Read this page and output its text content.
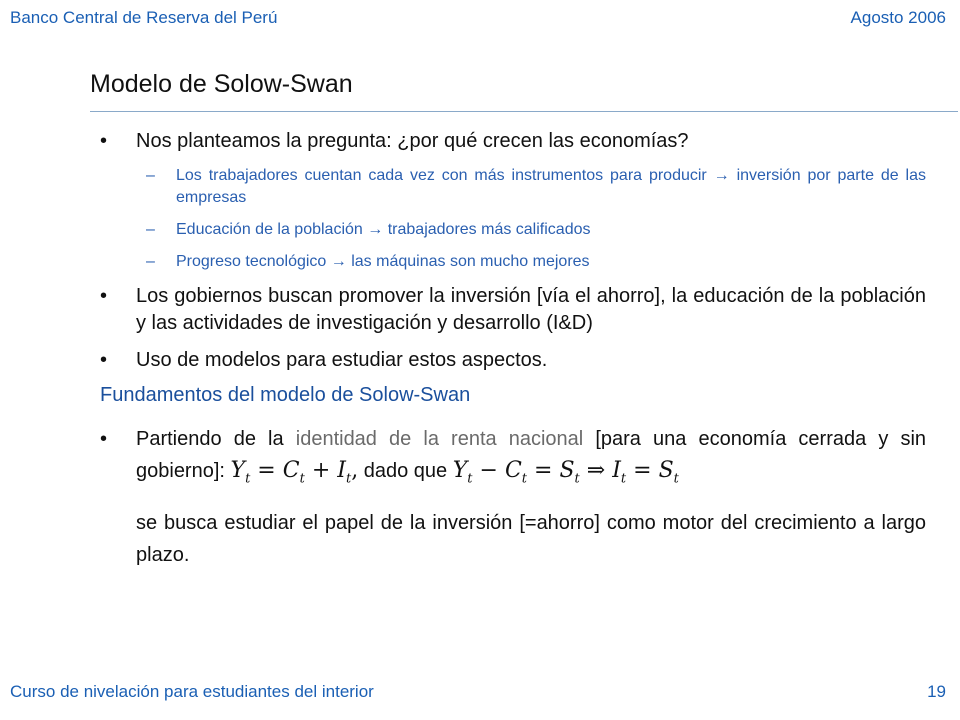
Banco Central de Reserva del Perú	Agosto 2006
Modelo de Solow-Swan
• Nos planteamos la pregunta: ¿por qué crecen las economías?
– Los trabajadores cuentan cada vez con más instrumentos para producir → inversión por parte de las empresas
– Educación de la población → trabajadores más calificados
– Progreso tecnológico → las máquinas son mucho mejores
• Los gobiernos buscan promover la inversión [vía el ahorro], la educación de la población y las actividades de investigación y desarrollo (I&D)
• Uso de modelos para estudiar estos aspectos.
Fundamentos del modelo de Solow-Swan
• Partiendo de la identidad de la renta nacional [para una economía cerrada y sin gobierno]: $Y_t = C_t + I_t$, dado que $Y_t - C_t = S_t$ ⇒ $I_t = S_t$
se busca estudiar el papel de la inversión [=ahorro] como motor del crecimiento a largo plazo.
Curso de nivelación para estudiantes del interior	19
